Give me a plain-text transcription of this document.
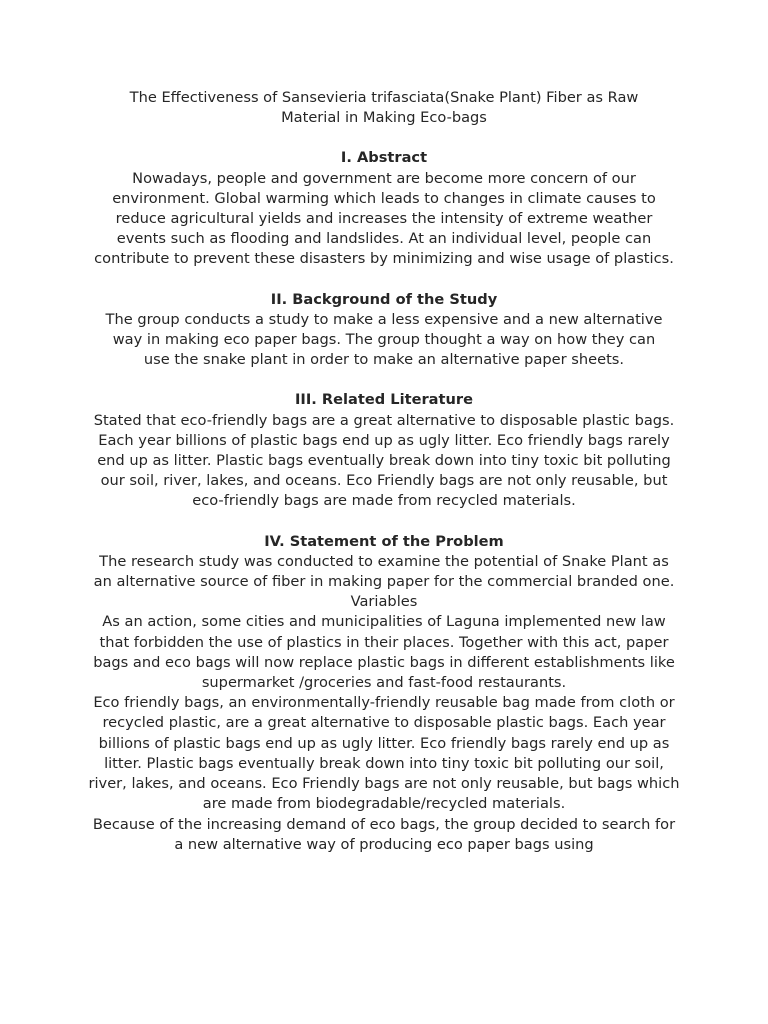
The Effectiveness of Sansevieria trifasciata(Snake Plant) Fiber as Raw Material in Making Eco-bags

I. Abstract

Nowadays, people and government are become more concern of our environment. Global warming which leads to changes in climate causes to reduce agricultural yields and increases the intensity of extreme weather events such as flooding and landslides. At an individual level, people can contribute to prevent these disasters by minimizing and wise usage of plastics.

II. Background of the Study

The group conducts a study to make a less expensive and a new alternative way in making eco paper bags. The group thought a way on how they can use the snake plant in order to make an alternative paper sheets.

III. Related Literature

Stated that eco-friendly bags are a great alternative to disposable plastic bags. Each year billions of plastic bags end up as ugly litter. Eco friendly bags rarely end up as litter. Plastic bags eventually break down into tiny toxic bit polluting our soil, river, lakes, and oceans. Eco Friendly bags are not only reusable, but eco-friendly bags are made from recycled materials.

IV. Statement of the Problem

The research study was conducted to examine the potential of Snake Plant as an alternative source of fiber in making paper for the commercial branded one.

Variables

As an action, some cities and municipalities of Laguna implemented new law that forbidden the use of plastics in their places. Together with this act, paper bags and eco bags will now replace plastic bags in different establishments like supermarket /groceries and fast-food restaurants.

Eco friendly bags, an environmentally-friendly reusable bag made from cloth or recycled plastic, are a great alternative to disposable plastic bags. Each year billions of plastic bags end up as ugly litter. Eco friendly bags rarely end up as litter. Plastic bags eventually break down into tiny toxic bit polluting our soil, river, lakes, and oceans. Eco Friendly bags are not only reusable, but bags which are made from biodegradable/recycled materials.

Because of the increasing demand of eco bags, the group decided to search for a new alternative way of producing eco paper bags using
